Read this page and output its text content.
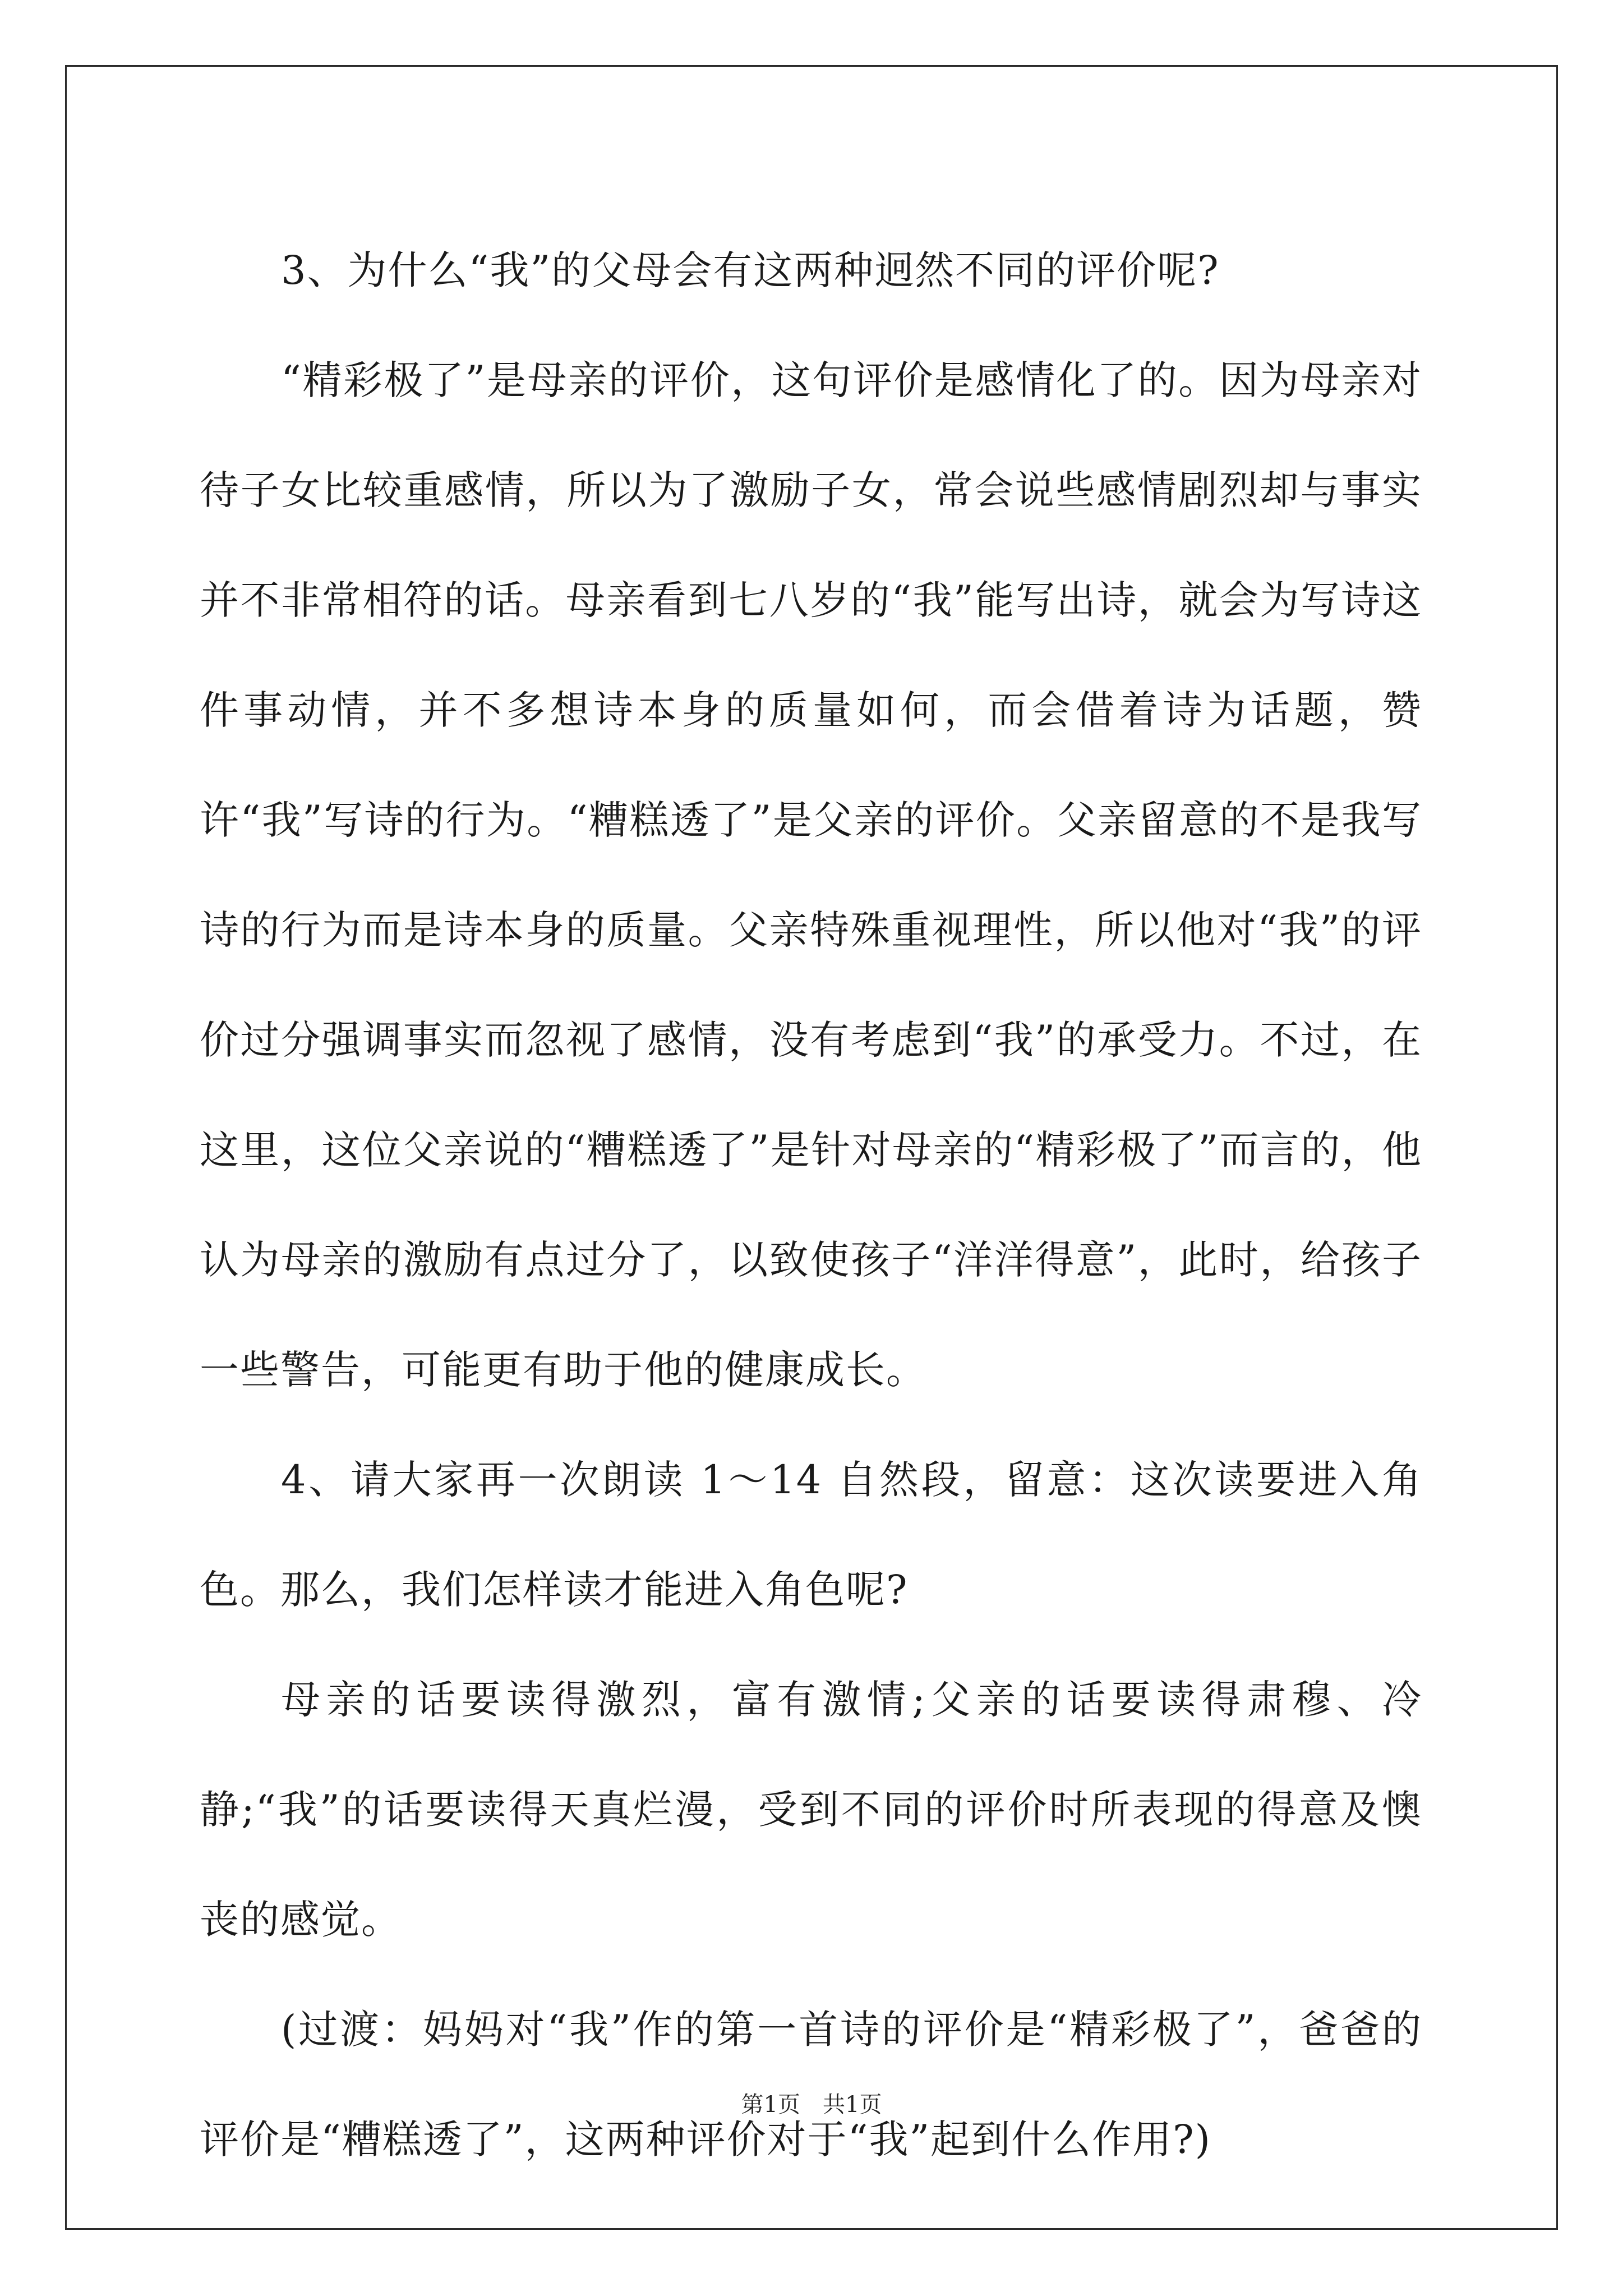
3、为什么“我”的父母会有这两种迥然不同的评价呢?

“精彩极了”是母亲的评价，这句评价是感情化了的。因为母亲对待子女比较重感情，所以为了激励子女，常会说些感情剧烈却与事实并不非常相符的话。母亲看到七八岁的“我”能写出诗，就会为写诗这件事动情，并不多想诗本身的质量如何，而会借着诗为话题，赞许“我”写诗的行为。“糟糕透了”是父亲的评价。父亲留意的不是我写诗的行为而是诗本身的质量。父亲特殊重视理性，所以他对“我”的评价过分强调事实而忽视了感情，没有考虑到“我”的承受力。不过，在这里，这位父亲说的“糟糕透了”是针对母亲的“精彩极了”而言的，他认为母亲的激励有点过分了，以致使孩子“洋洋得意”，此时，给孩子一些警告，可能更有助于他的健康成长。

4、请大家再一次朗读 1～14 自然段，留意：这次读要进入角色。那么，我们怎样读才能进入角色呢?

母亲的话要读得激烈，富有激情;父亲的话要读得肃穆、冷静;“我”的话要读得天真烂漫，受到不同的评价时所表现的得意及懊丧的感觉。

(过渡：妈妈对“我”作的第一首诗的评价是“精彩极了”，爸爸的评价是“糟糕透了”，这两种评价对于“我”起到什么作用?)

第1页 共1页
